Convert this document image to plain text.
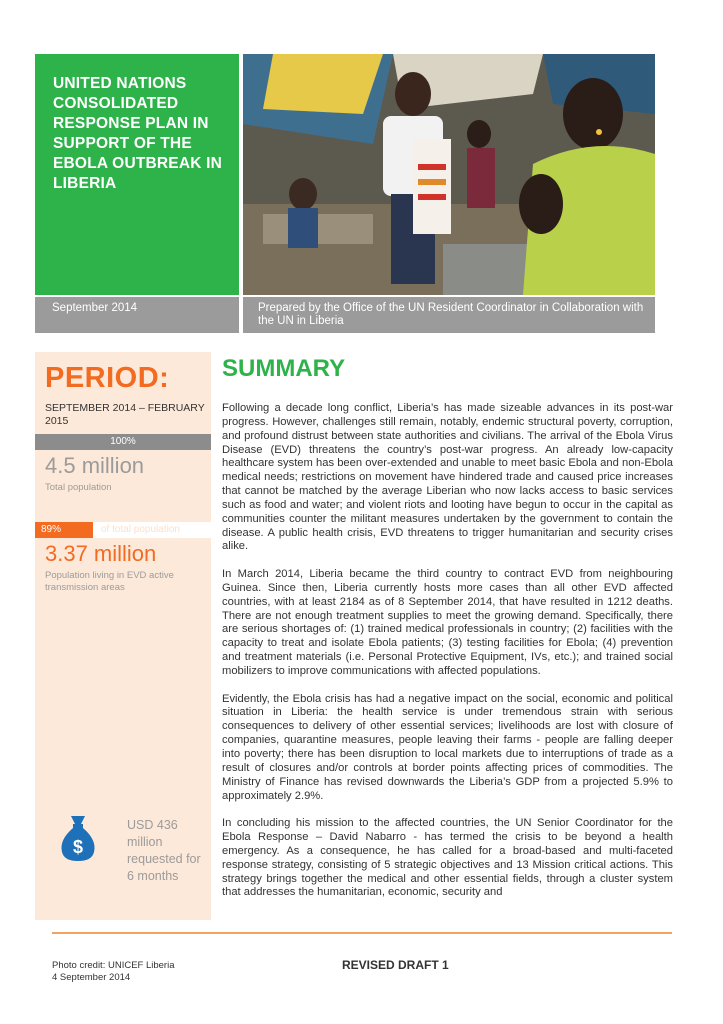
UNITED NATIONS CONSOLIDATED RESPONSE PLAN IN SUPPORT OF THE EBOLA OUTBREAK IN LIBERIA
September 2014	Prepared by the Office of the UN Resident Coordinator in Collaboration with the UN in Liberia
PERIOD:
SEPTEMBER 2014 – FEBRUARY 2015
100%
4.5 million
Total population
89%	of total population
3.37 million
Population living in EVD active transmission areas
$
USD 436 million requested for 6 months
SUMMARY

Following a decade long conflict, Liberia’s has made sizeable advances in its post-war progress. However, challenges still remain, notably, endemic structural poverty, corruption, and profound distrust between state authorities and civilians. The arrival of the Ebola Virus Disease (EVD) threatens the country’s post-war progress. An already low-capacity healthcare system has been over-extended and unable to meet basic Ebola and non-Ebola medical needs; restrictions on movement have hindered trade and caused price increases that cannot be matched by the average Liberian who now lacks access to basic services such as food and water; and violent riots and looting have begun to occur in the capital as communities counter the militant measures undertaken by the government to contain the disease. A public health crisis, EVD threatens to trigger humanitarian and security crises alike.

In March 2014, Liberia became the third country to contract EVD from neighbouring Guinea. Since then, Liberia currently hosts more cases than all other EVD affected countries, with at least 2184 as of 8 September 2014, that have resulted in 1212 deaths. There are not enough treatment supplies to meet the growing demand. Specifically, there are serious shortages of: (1) trained medical professionals in country; (2) facilities with the capacity to treat and isolate Ebola patients; (3) testing facilities for Ebola; (4) prevention and treatment materials (i.e. Personal Protective Equipment, IVs, etc.); and trained social mobilizers to improve communications with affected populations.

Evidently, the Ebola crisis has had a negative impact on the social, economic and political situation in Liberia: the health service is under tremendous strain with serious consequences to delivery of other essential services; livelihoods are lost with closure of companies, quarantine measures, people leaving their farms - people are falling deeper into poverty; there has been disruption to local markets due to interruptions of trade as a result of closures and/or controls at border points affecting prices of commodities. The Ministry of Finance has revised downwards the Liberia’s GDP from a projected 5.9% to approximately 2.9%.

In concluding his mission to the affected countries, the UN Senior Coordinator for the Ebola Response – David Nabarro - has termed the crisis to be beyond a health emergency. As a consequence, he has called for a broad-based and multi-faceted response strategy, consisting of 5 strategic objectives and 13 Mission critical actions. This strategy brings together the medical and other essential fields, through a cluster system that addresses the humanitarian, economic, security and

Photo credit: UNICEF Liberia
4 September 2014
REVISED DRAFT 1
